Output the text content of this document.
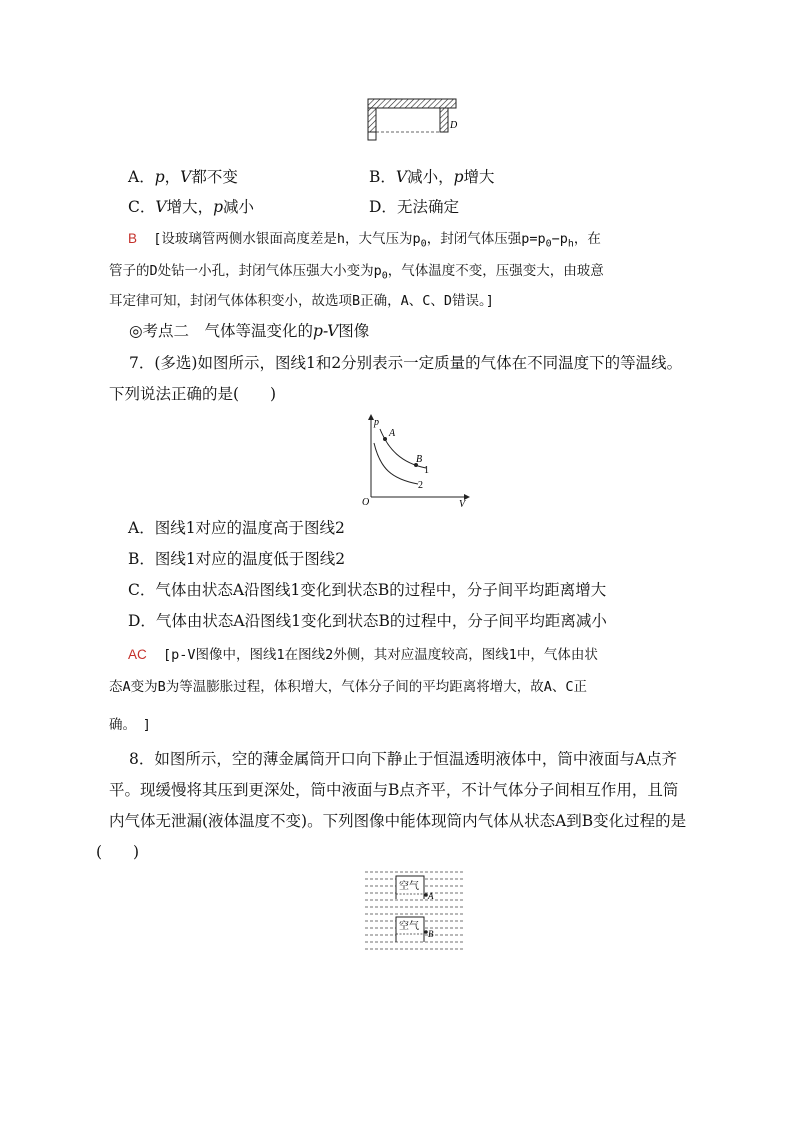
D
A．p，V都不变	B．V减小，p增大
C．V增大，p减小	D．无法确定
B [设玻璃管两侧水银面高度差是h，大气压为$p_0$，封闭气体压强$p=p_0-p_h$，在
管子的D处钻一小孔，封闭气体压强大小变为$p_0$，气体温度不变，压强变大，由玻意
耳定律可知，封闭气体体积变小，故选项B正确，A、C、D错误。]
◎考点二　气体等温变化的p-V图像
7．(多选)如图所示，图线1和2分别表示一定质量的气体在不同温度下的等温线。
下列说法正确的是(　　)
p
V
O
A
B
1
2
A．图线1对应的温度高于图线2
B．图线1对应的温度低于图线2
C．气体由状态A沿图线1变化到状态B的过程中，分子间平均距离增大
D．气体由状态A沿图线1变化到状态B的过程中，分子间平均距离减小
AC [p-V图像中，图线1在图线2外侧，其对应温度较高，图线1中，气体由状
态A变为B为等温膨胀过程，体积增大，气体分子间的平均距离将增大，故A、C正
确。　]
8．如图所示，空的薄金属筒开口向下静止于恒温透明液体中，筒中液面与A点齐
平。现缓慢将其压到更深处，筒中液面与B点齐平，不计气体分子间相互作用，且筒
内气体无泄漏(液体温度不变)。下列图像中能体现筒内气体从状态A到B变化过程的是
(　　)
空气
A
空气
B
